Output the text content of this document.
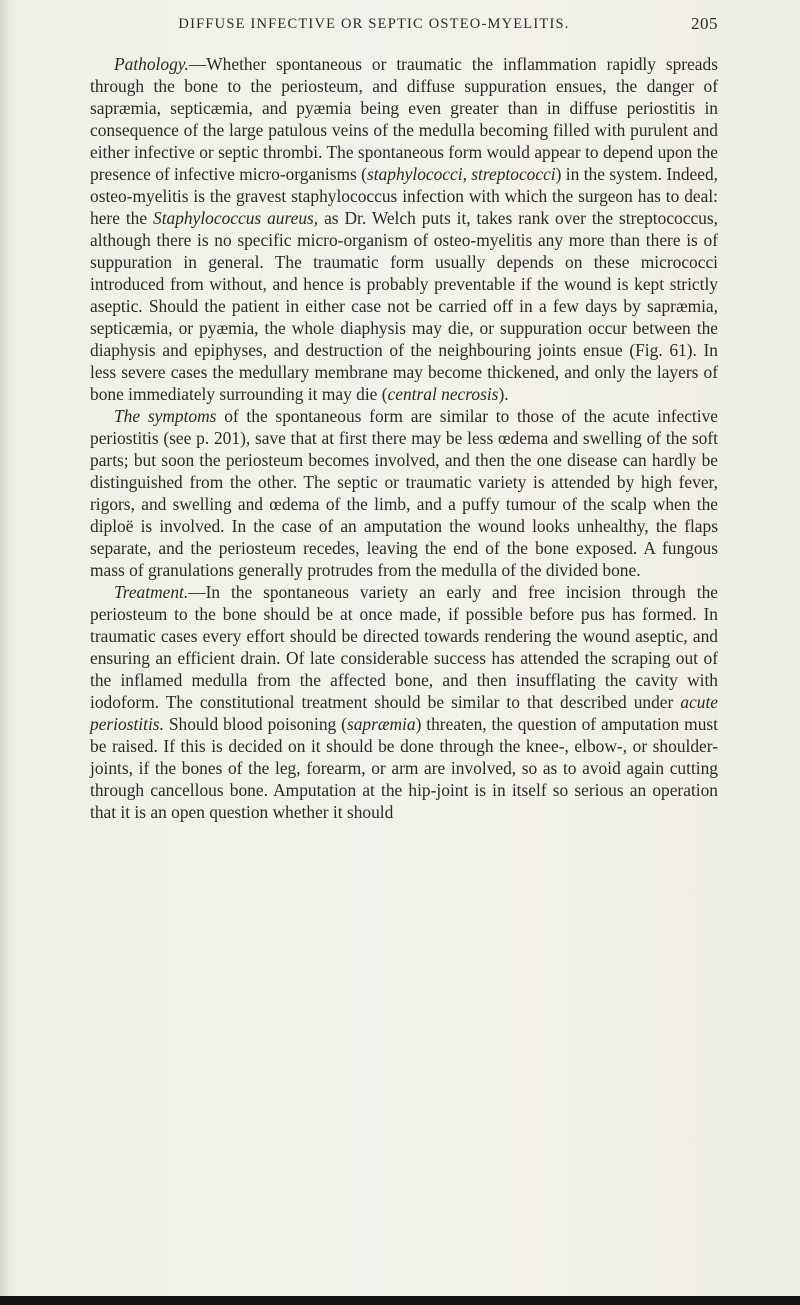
DIFFUSE INFECTIVE OR SEPTIC OSTEO-MYELITIS.	205

Pathology.—Whether spontaneous or traumatic the inflammation rapidly spreads through the bone to the periosteum, and diffuse suppuration ensues, the danger of sapræmia, septicæmia, and pyæmia being even greater than in diffuse periostitis in consequence of the large patulous veins of the medulla becoming filled with purulent and either infective or septic thrombi. The spontaneous form would appear to depend upon the presence of infective micro-organisms (staphylococci, streptococci) in the system. Indeed, osteo-myelitis is the gravest staphylococcus infection with which the surgeon has to deal: here the Staphylococcus aureus, as Dr. Welch puts it, takes rank over the streptococcus, although there is no specific micro-organism of osteo-myelitis any more than there is of suppuration in general. The traumatic form usually depends on these micrococci introduced from without, and hence is probably preventable if the wound is kept strictly aseptic. Should the patient in either case not be carried off in a few days by sapræmia, septicæmia, or pyæmia, the whole diaphysis may die, or suppuration occur between the diaphysis and epiphyses, and destruction of the neighbouring joints ensue (Fig. 61). In less severe cases the medullary membrane may become thickened, and only the layers of bone immediately surrounding it may die (central necrosis).

The symptoms of the spontaneous form are similar to those of the acute infective periostitis (see p. 201), save that at first there may be less œdema and swelling of the soft parts; but soon the periosteum becomes involved, and then the one disease can hardly be distinguished from the other. The septic or traumatic variety is attended by high fever, rigors, and swelling and œdema of the limb, and a puffy tumour of the scalp when the diploë is involved. In the case of an amputation the wound looks unhealthy, the flaps separate, and the periosteum recedes, leaving the end of the bone exposed. A fungous mass of granulations generally protrudes from the medulla of the divided bone.

Treatment.—In the spontaneous variety an early and free incision through the periosteum to the bone should be at once made, if possible before pus has formed. In traumatic cases every effort should be directed towards rendering the wound aseptic, and ensuring an efficient drain. Of late considerable success has attended the scraping out of the inflamed medulla from the affected bone, and then insufflating the cavity with iodoform. The constitutional treatment should be similar to that described under acute periostitis. Should blood poisoning (sapræmia) threaten, the question of amputation must be raised. If this is decided on it should be done through the knee-, elbow-, or shoulder-joints, if the bones of the leg, forearm, or arm are involved, so as to avoid again cutting through cancellous bone. Amputation at the hip-joint is in itself so serious an operation that it is an open question whether it should
